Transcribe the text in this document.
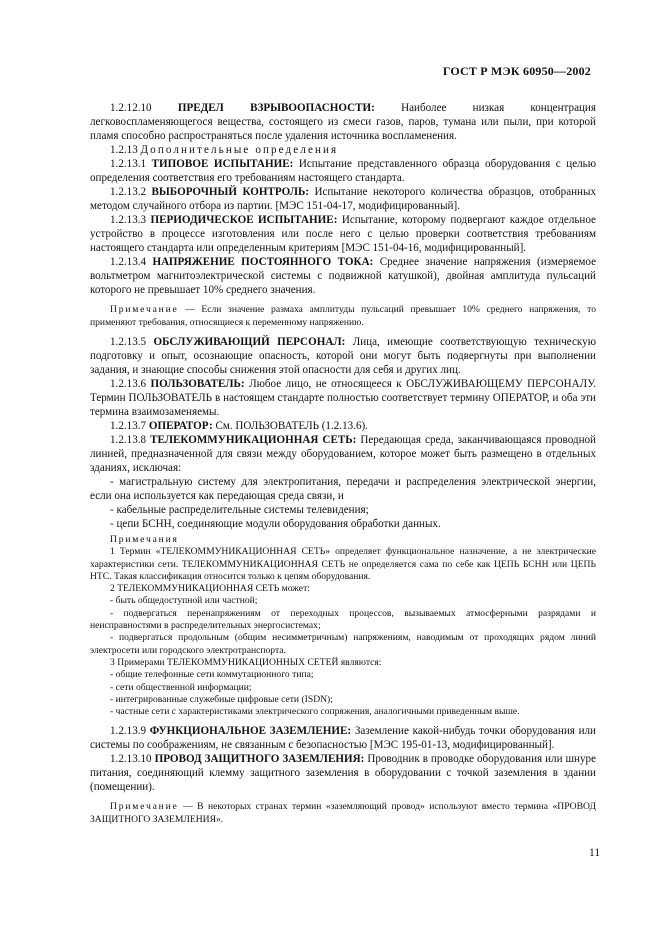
ГОСТ Р МЭК 60950—2002

1.2.12.10 ПРЕДЕЛ ВЗРЫВООПАСНОСТИ: Наиболее низкая концентрация легковоспламеняющегося вещества, состоящего из смеси газов, паров, тумана или пыли, при которой пламя способно распространяться после удаления источника воспламенения.

1.2.13 Дополнительные определения

1.2.13.1 ТИПОВОЕ ИСПЫТАНИЕ: Испытание представленного образца оборудования с целью определения соответствия его требованиям настоящего стандарта.

1.2.13.2 ВЫБОРОЧНЫЙ КОНТРОЛЬ: Испытание некоторого количества образцов, отобранных методом случайного отбора из партии. [МЭС 151-04-17, модифицированный].

1.2.13.3 ПЕРИОДИЧЕСКОЕ ИСПЫТАНИЕ: Испытание, которому подвергают каждое отдельное устройство в процессе изготовления или после него с целью проверки соответствия требованиям настоящего стандарта или определенным критериям [МЭС 151-04-16, модифицированный].

1.2.13.4 НАПРЯЖЕНИЕ ПОСТОЯННОГО ТОКА: Среднее значение напряжения (измеряемое вольтметром магнитоэлектрической системы с подвижной катушкой), двойная амплитуда пульсаций которого не превышает 10% среднего значения.

Примечание — Если значение размаха амплитуды пульсаций превышает 10% среднего напряжения, то применяют требования, относящиеся к переменному напряжению.

1.2.13.5 ОБСЛУЖИВАЮЩИЙ ПЕРСОНАЛ: Лица, имеющие соответствующую техническую подготовку и опыт, осознающие опасность, которой они могут быть подвергнуты при выполнении задания, и знающие способы снижения этой опасности для себя и других лиц.

1.2.13.6 ПОЛЬЗОВАТЕЛЬ: Любое лицо, не относящееся к ОБСЛУЖИВАЮЩЕМУ ПЕРСОНАЛУ. Термин ПОЛЬЗОВАТЕЛЬ в настоящем стандарте полностью соответствует термину ОПЕРАТОР, и оба эти термина взаимозаменяемы.

1.2.13.7 ОПЕРАТОР: См. ПОЛЬЗОВАТЕЛЬ (1.2.13.6).

1.2.13.8 ТЕЛЕКОММУНИКАЦИОННАЯ СЕТЬ: Передающая среда, заканчивающаяся проводной линией, предназначенной для связи между оборудованием, которое может быть размещено в отдельных зданиях, исключая:

- магистральную систему для электропитания, передачи и распределения электрической энергии, если она используется как передающая среда связи, и

- кабельные распределительные системы телевидения;

- цепи БСНН, соединяющие модули оборудования обработки данных.

Примечания

1 Термин «ТЕЛЕКОММУНИКАЦИОННАЯ СЕТЬ» определяет функциональное назначение, а не электрические характеристики сети. ТЕЛЕКОММУНИКАЦИОННАЯ СЕТЬ не определяется сама по себе как ЦЕПЬ БСНН или ЦЕПЬ НТС. Такая классификация относится только к цепям оборудования.

2 ТЕЛЕКОММУНИКАЦИОННАЯ СЕТЬ может:

- быть общедоступной или частной;

- подвергаться перенапряжениям от переходных процессов, вызываемых атмосферными разрядами и неисправностями в распределительных энергосистемах;

- подвергаться продольным (общим несимметричным) напряжениям, наводимым от проходящих рядом линий электросети или городского электротранспорта.

3 Примерами ТЕЛЕКОММУНИКАЦИОННЫХ СЕТЕЙ являются:

- общие телефонные сети коммутационного типа;

- сети общественной информации;

- интегрированные служебные цифровые сети (ISDN);

- частные сети с характеристиками электрического сопряжения, аналогичными приведенным выше.

1.2.13.9 ФУНКЦИОНАЛЬНОЕ ЗАЗЕМЛЕНИЕ: Заземление какой-нибудь точки оборудования или системы по соображениям, не связанным с безопасностью [МЭС 195-01-13, модифицированный].

1.2.13.10 ПРОВОД ЗАЩИТНОГО ЗАЗЕМЛЕНИЯ: Проводник в проводке оборудования или шнуре питания, соединяющий клемму защитного заземления в оборудовании с точкой заземления в здании (помещении).

Примечание — В некоторых странах термин «заземляющий провод» используют вместо термина «ПРОВОД ЗАЩИТНОГО ЗАЗЕМЛЕНИЯ».

11
